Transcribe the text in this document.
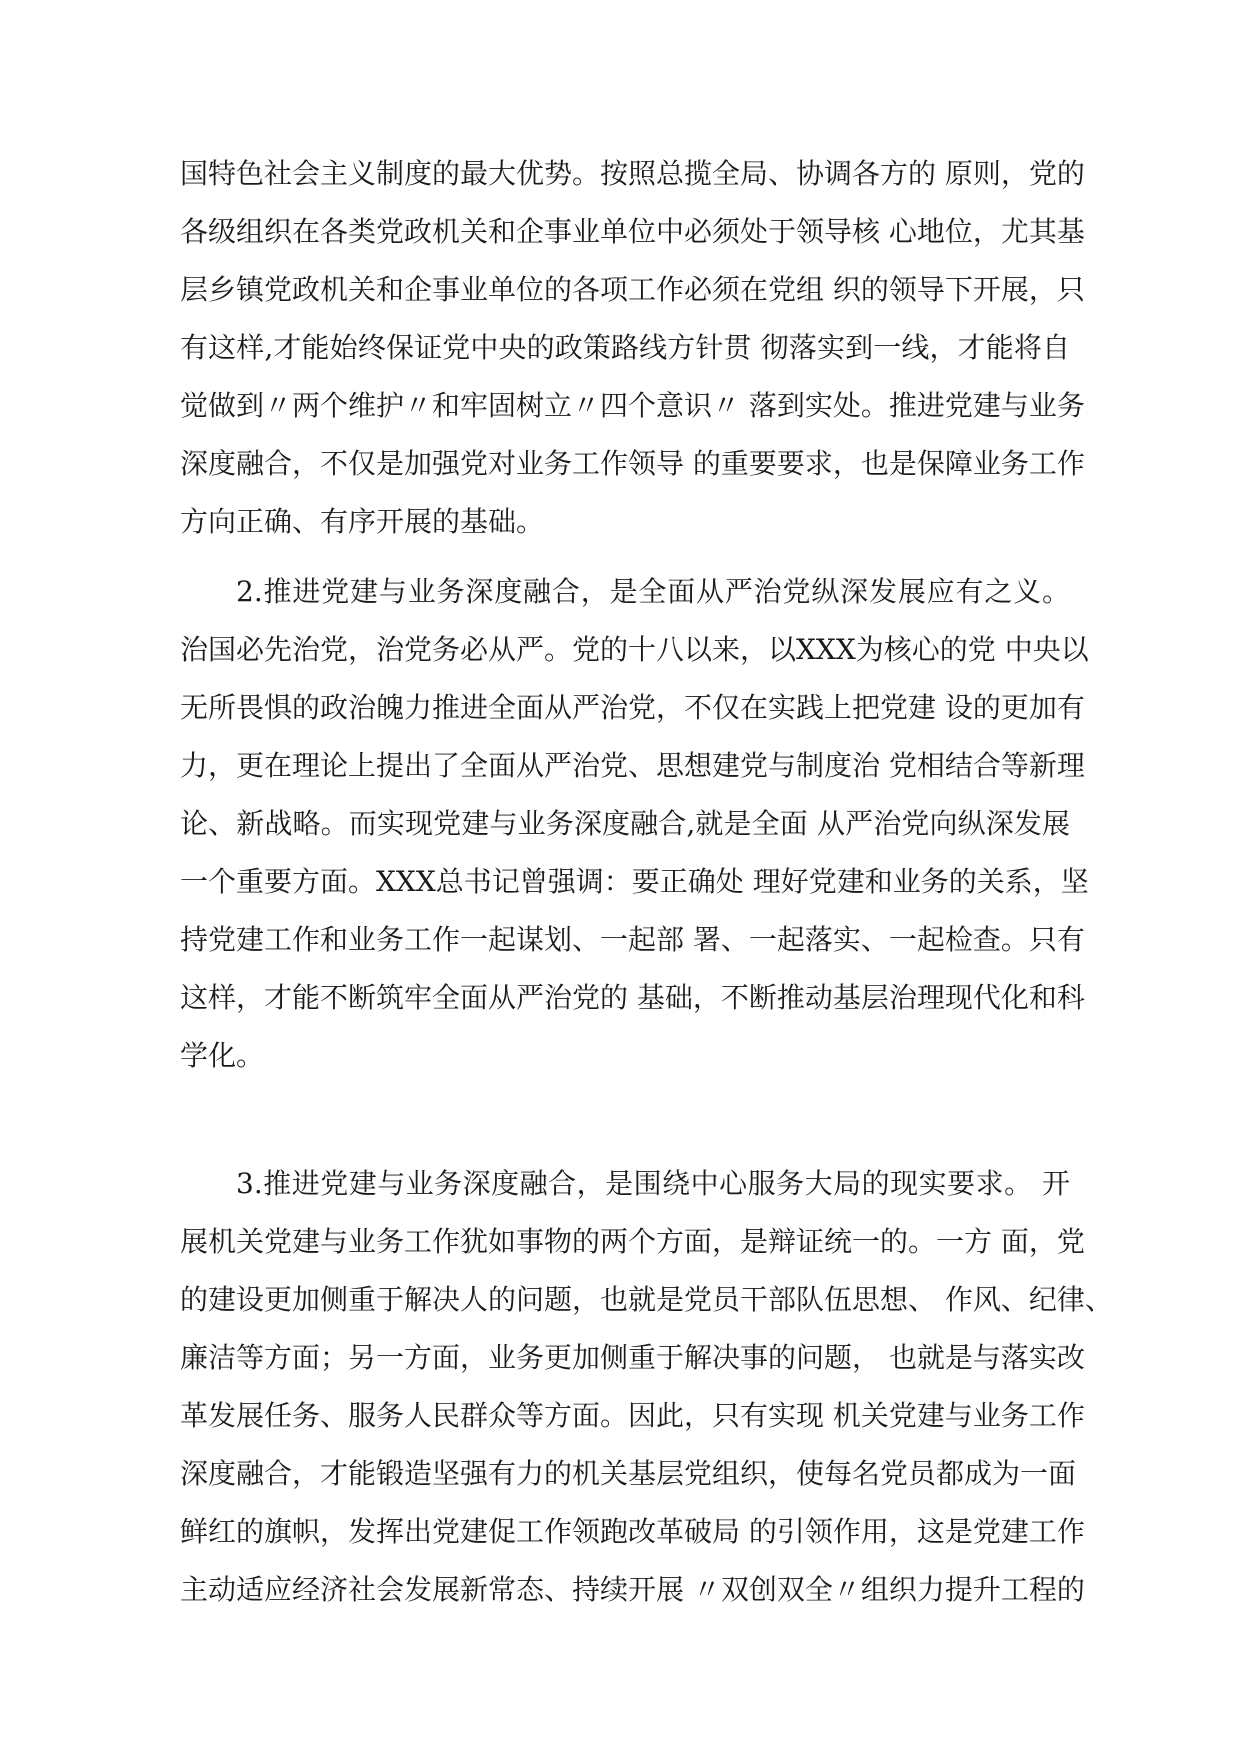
国特色社会主义制度的最大优势。按照总揽全局、协调各方的 原则，党的
各级组织在各类党政机关和企事业单位中必须处于领导核 心地位，尤其基
层乡镇党政机关和企事业单位的各项工作必须在党组 织的领导下开展，只
有这样,才能始终保证党中央的政策路线方针贯 彻落实到一线，才能将自
觉做到〃两个维护〃和牢固树立〃四个意识〃 落到实处。推进党建与业务
深度融合，不仅是加强党对业务工作领导 的重要要求，也是保障业务工作
方向正确、有序开展的基础。
2.推进党建与业务深度融合，是全面从严治党纵深发展应有之义。
治国必先治党，治党务必从严。党的十八以来，以XXX为核心的党 中央以
无所畏惧的政治魄力推进全面从严治党，不仅在实践上把党建 设的更加有
力，更在理论上提出了全面从严治党、思想建党与制度治 党相结合等新理
论、新战略。而实现党建与业务深度融合,就是全面 从严治党向纵深发展
一个重要方面。XXX总书记曾强调：要正确处 理好党建和业务的关系，坚
持党建工作和业务工作一起谋划、一起部 署、一起落实、一起检查。只有
这样，才能不断筑牢全面从严治党的 基础，不断推动基层治理现代化和科
学化。
3.推进党建与业务深度融合，是围绕中心服务大局的现实要求。 开
展机关党建与业务工作犹如事物的两个方面，是辩证统一的。一方 面，党
的建设更加侧重于解决人的问题，也就是党员干部队伍思想、 作风、纪律、
廉洁等方面；另一方面，业务更加侧重于解决事的问题， 也就是与落实改
革发展任务、服务人民群众等方面。因此，只有实现 机关党建与业务工作
深度融合，才能锻造坚强有力的机关基层党组织，使每名党员都成为一面
鲜红的旗帜，发挥出党建促工作领跑改革破局 的引领作用，这是党建工作
主动适应经济社会发展新常态、持续开展 〃双创双全〃组织力提升工程的
